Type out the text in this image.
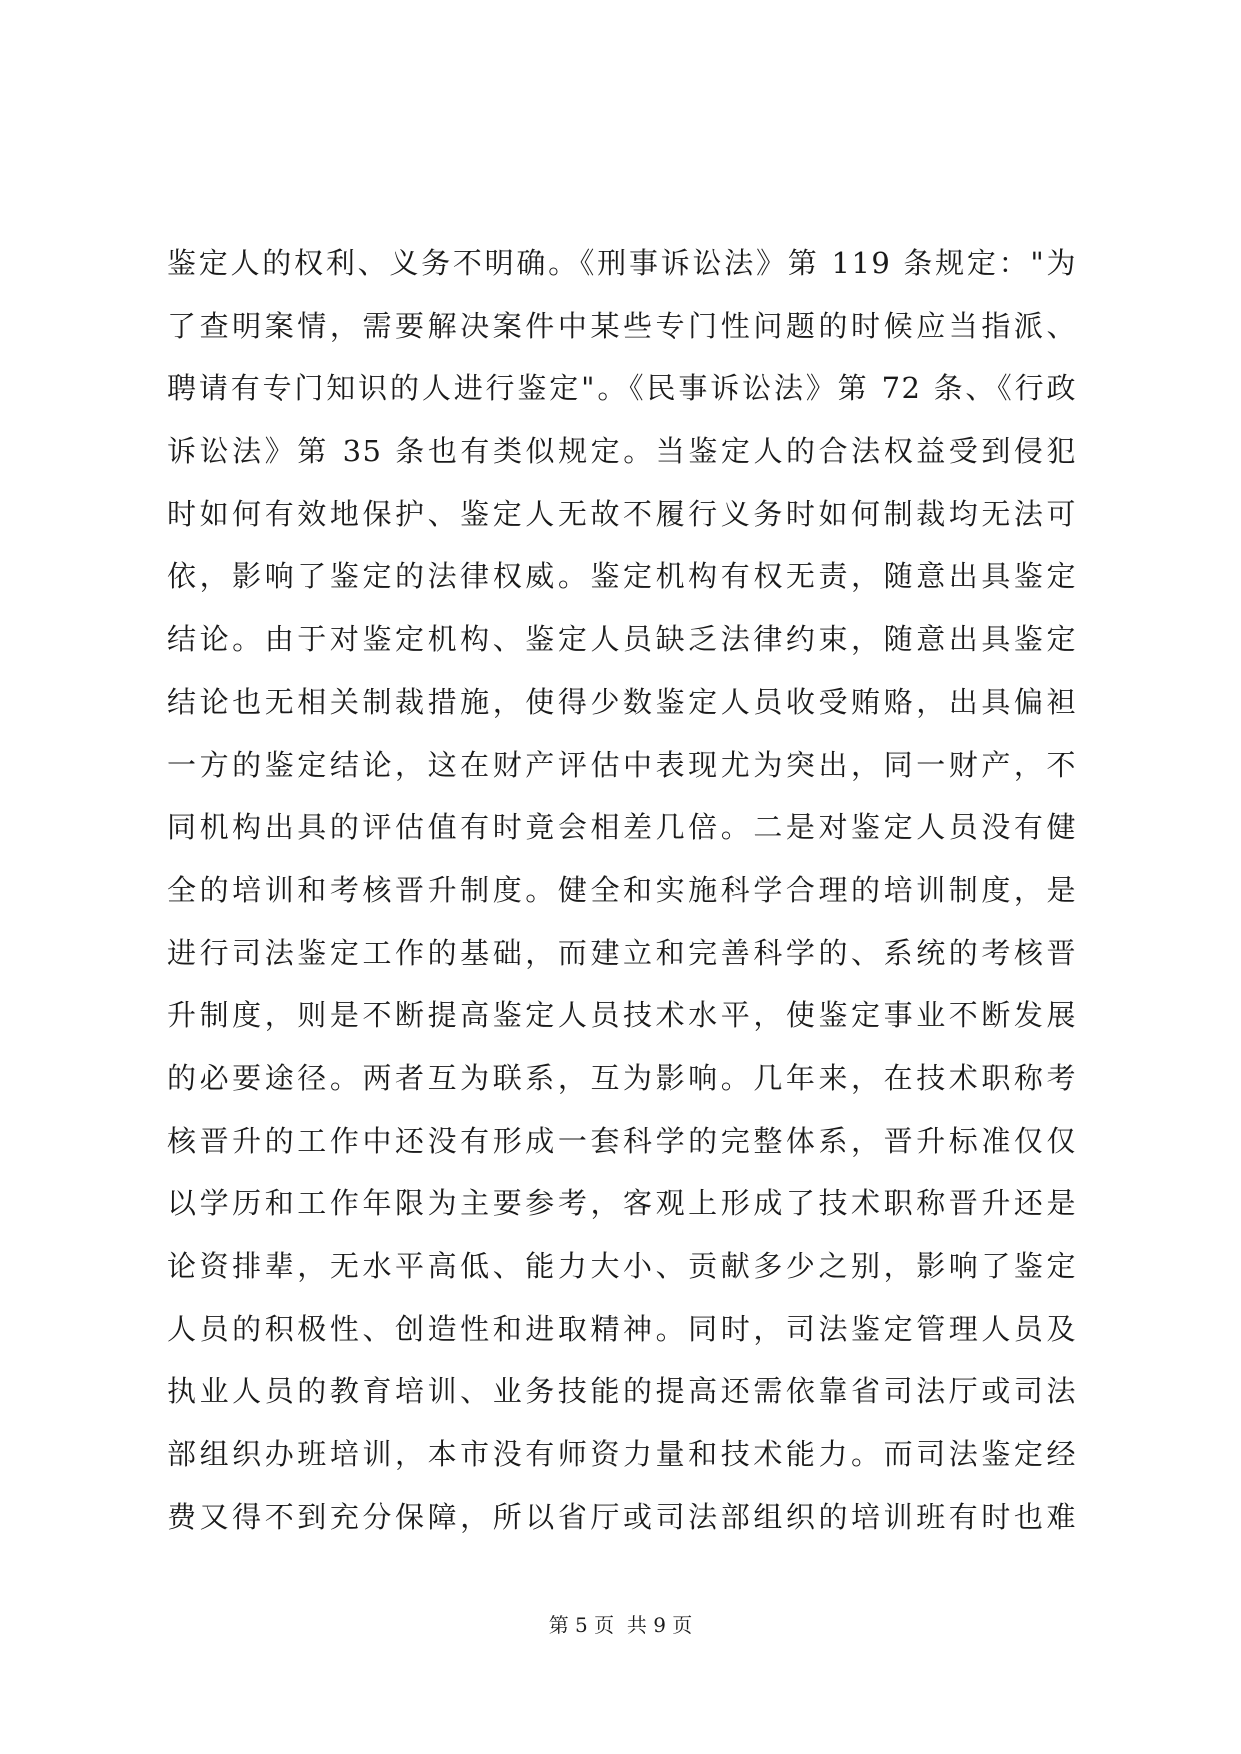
鉴定人的权利、义务不明确。《刑事诉讼法》第 119 条规定："为
了查明案情，需要解决案件中某些专门性问题的时候应当指派、
聘请有专门知识的人进行鉴定"。《民事诉讼法》第 72 条、《行政
诉讼法》第 35 条也有类似规定。当鉴定人的合法权益受到侵犯
时如何有效地保护、鉴定人无故不履行义务时如何制裁均无法可
依，影响了鉴定的法律权威。鉴定机构有权无责，随意出具鉴定
结论。由于对鉴定机构、鉴定人员缺乏法律约束，随意出具鉴定
结论也无相关制裁措施，使得少数鉴定人员收受贿赂，出具偏袒
一方的鉴定结论，这在财产评估中表现尤为突出，同一财产，不
同机构出具的评估值有时竟会相差几倍。二是对鉴定人员没有健
全的培训和考核晋升制度。健全和实施科学合理的培训制度，是
进行司法鉴定工作的基础，而建立和完善科学的、系统的考核晋
升制度，则是不断提高鉴定人员技术水平，使鉴定事业不断发展
的必要途径。两者互为联系，互为影响。几年来，在技术职称考
核晋升的工作中还没有形成一套科学的完整体系，晋升标准仅仅
以学历和工作年限为主要参考，客观上形成了技术职称晋升还是
论资排辈，无水平高低、能力大小、贡献多少之别，影响了鉴定
人员的积极性、创造性和进取精神。同时，司法鉴定管理人员及
执业人员的教育培训、业务技能的提高还需依靠省司法厅或司法
部组织办班培训，本市没有师资力量和技术能力。而司法鉴定经
费又得不到充分保障，所以省厅或司法部组织的培训班有时也难
第 5 页  共 9 页
